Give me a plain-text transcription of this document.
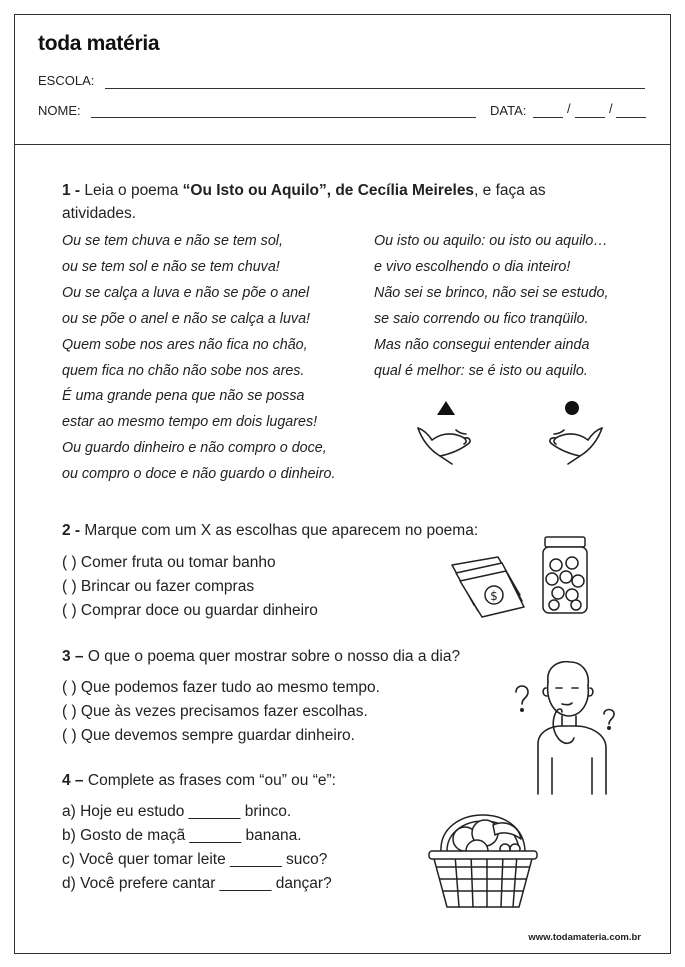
toda matéria
ESCOLA:
NOME:	DATA:	/	/
1 - Leia o poema “Ou Isto ou Aquilo”, de Cecília Meireles, e faça as
atividades.
Ou se tem chuva e não se tem sol,
ou se tem sol e não se tem chuva!
Ou se calça a luva e não se põe o anel
ou se põe o anel e não se calça a luva!
Quem sobe nos ares não fica no chão,
quem fica no chão não sobe nos ares.
É uma grande pena que não se possa
estar ao mesmo tempo em dois lugares!
Ou guardo dinheiro e não compro o doce,
ou compro o doce e não guardo o dinheiro.
Ou isto ou aquilo: ou isto ou aquilo…
e vivo escolhendo o dia inteiro!
Não sei se brinco, não sei se estudo,
se saio correndo ou fico tranqüilo.
Mas não consegui entender ainda
qual é melhor: se é isto ou aquilo.
2 - Marque com um X as escolhas que aparecem no poema:
( ) Comer fruta ou tomar banho
( ) Brincar ou fazer compras
( ) Comprar doce ou guardar dinheiro
$
3 – O que o poema quer mostrar sobre o nosso dia a dia?
( ) Que podemos fazer tudo ao mesmo tempo.
( ) Que às vezes precisamos fazer escolhas.
( ) Que devemos sempre guardar dinheiro.
4 – Complete as frases com “ou” ou “e”:
a) Hoje eu estudo ______ brinco.
b) Gosto de maçã ______ banana.
c) Você quer tomar leite ______ suco?
d) Você prefere cantar ______ dançar?
www.todamateria.com.br
